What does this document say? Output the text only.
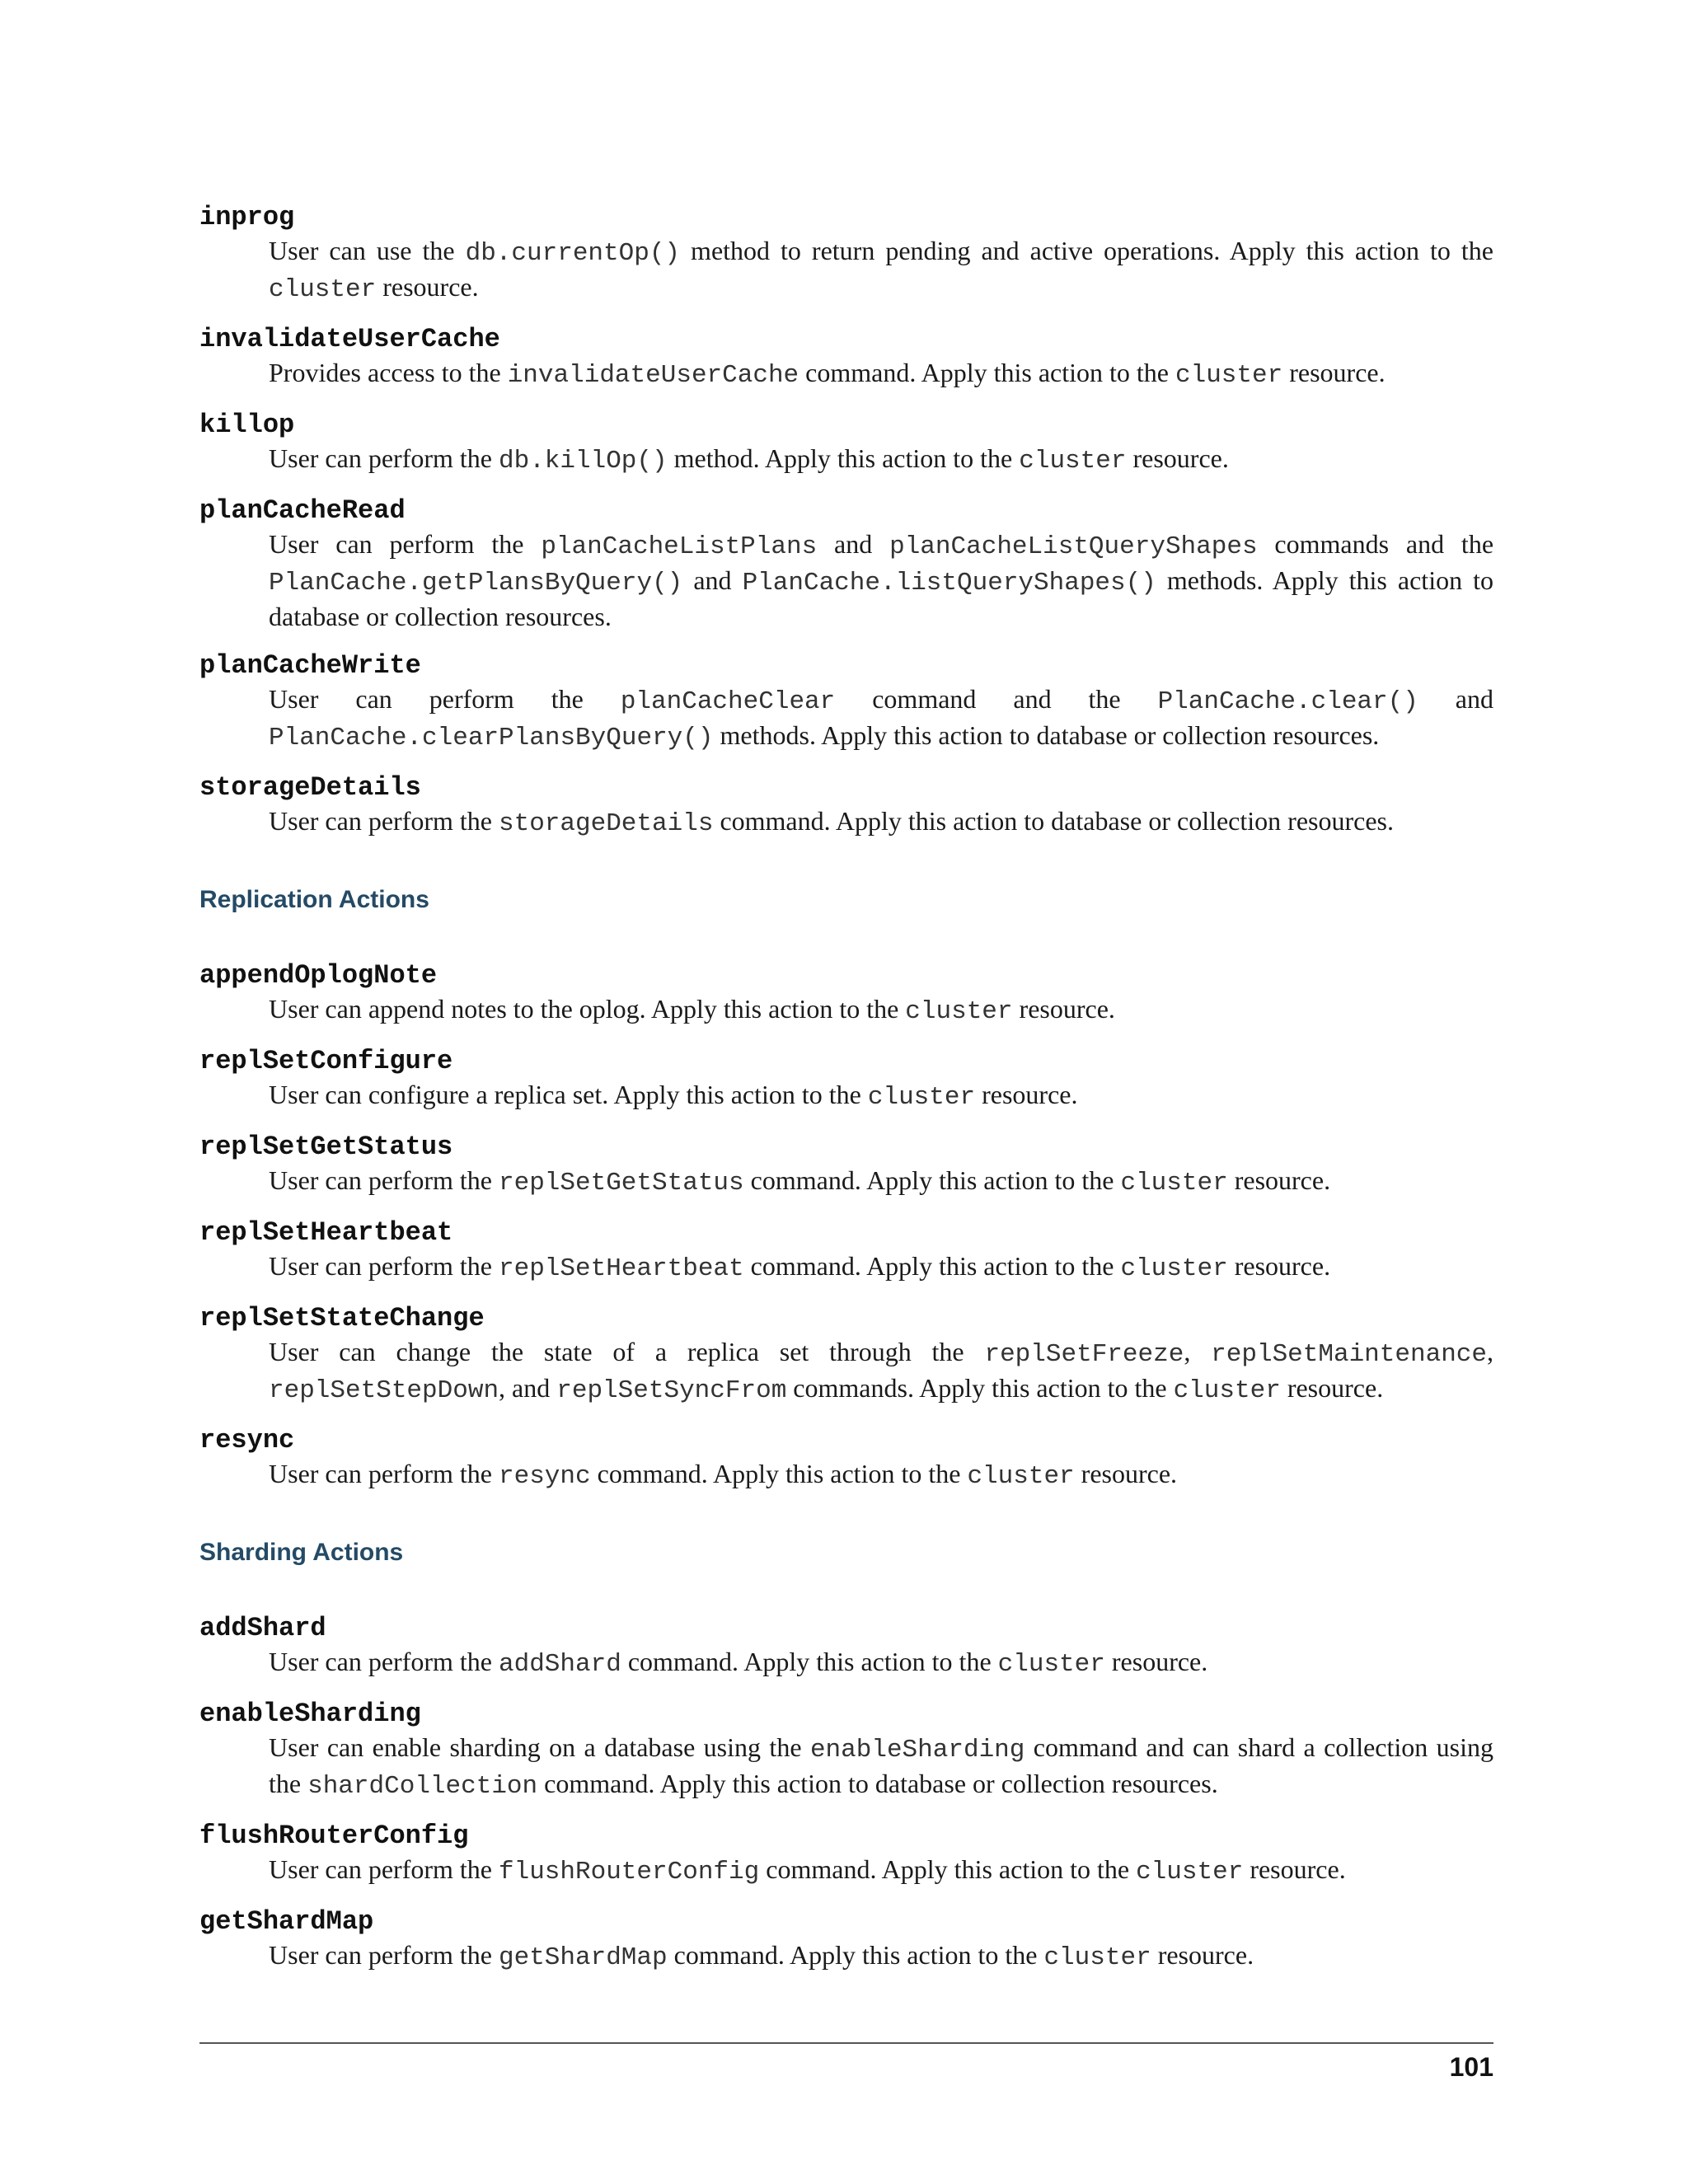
inprog
User can use the db.currentOp() method to return pending and active operations. Apply this action to the cluster resource.
invalidateUserCache
Provides access to the invalidateUserCache command. Apply this action to the cluster resource.
killop
User can perform the db.killOp() method. Apply this action to the cluster resource.
planCacheRead
User can perform the planCacheListPlans and planCacheListQueryShapes commands and the PlanCache.getPlansByQuery() and PlanCache.listQueryShapes() methods. Apply this action to database or collection resources.
planCacheWrite
User can perform the planCacheClear command and the PlanCache.clear() and PlanCache.clearPlansByQuery() methods. Apply this action to database or collection resources.
storageDetails
User can perform the storageDetails command. Apply this action to database or collection resources.
Replication Actions
appendOplogNote
User can append notes to the oplog. Apply this action to the cluster resource.
replSetConfigure
User can configure a replica set. Apply this action to the cluster resource.
replSetGetStatus
User can perform the replSetGetStatus command. Apply this action to the cluster resource.
replSetHeartbeat
User can perform the replSetHeartbeat command. Apply this action to the cluster resource.
replSetStateChange
User can change the state of a replica set through the replSetFreeze, replSetMaintenance, replSetStepDown, and replSetSyncFrom commands. Apply this action to the cluster resource.
resync
User can perform the resync command. Apply this action to the cluster resource.
Sharding Actions
addShard
User can perform the addShard command. Apply this action to the cluster resource.
enableSharding
User can enable sharding on a database using the enableSharding command and can shard a collection using the shardCollection command. Apply this action to database or collection resources.
flushRouterConfig
User can perform the flushRouterConfig command. Apply this action to the cluster resource.
getShardMap
User can perform the getShardMap command. Apply this action to the cluster resource.
101
